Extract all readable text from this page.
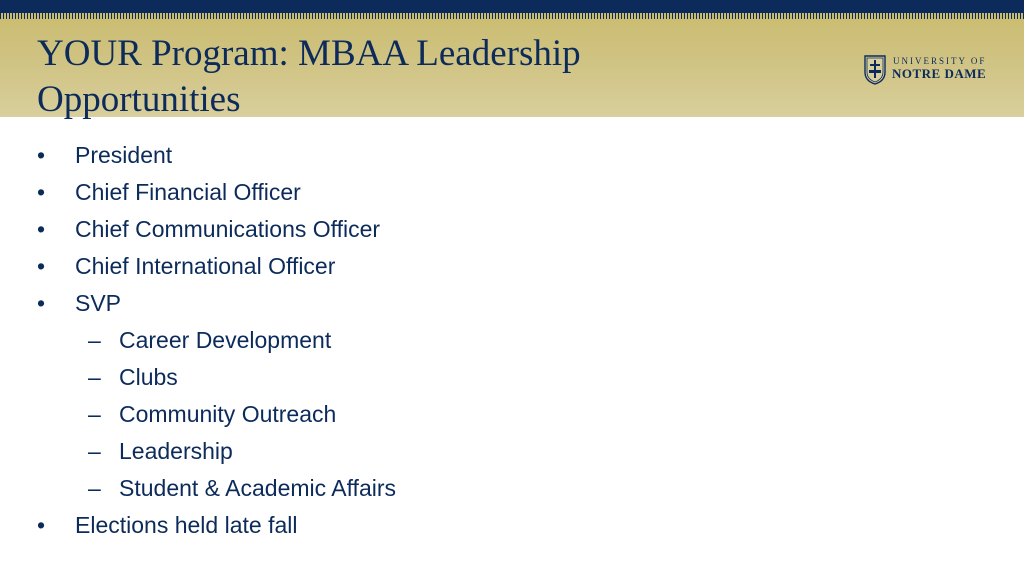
YOUR Program: MBAA Leadership Opportunities
UNIVERSITY OF
NOTRE DAME
• President
• Chief Financial Officer
• Chief Communications Officer
• Chief International Officer
• SVP
– Career Development
– Clubs
– Community Outreach
– Leadership
– Student & Academic Affairs
• Elections held late fall
